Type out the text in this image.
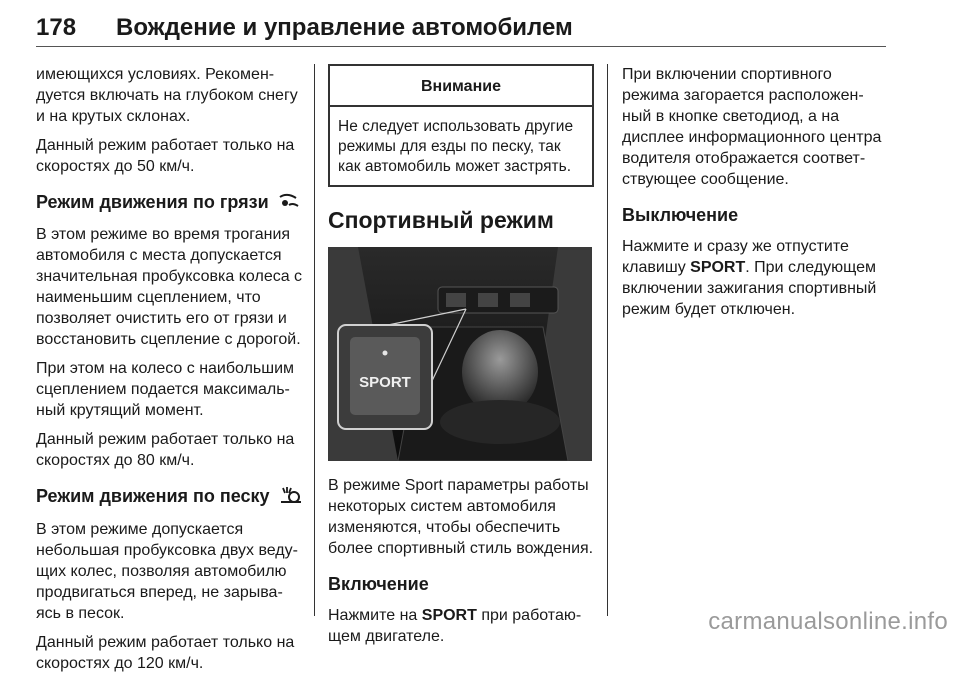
178 Вождение и управление автомобилем

имеющихся условиях. Рекомен-дуется включать на глубоком снегу и на крутых склонах.

Данный режим работает только на скоростях до 50 км/ч.

Режим движения по грязи

В этом режиме во время трогания автомобиля с места допускается значительная пробуксовка колеса с наименьшим сцеплением, что позволяет очистить его от грязи и восстановить сцепление с дорогой.

При этом на колесо с наибольшим сцеплением подается максималь-ный крутящий момент.

Данный режим работает только на скоростях до 80 км/ч.

Режим движения по песку

В этом режиме допускается небольшая пробуксовка двух веду-щих колес, позволяя автомобилю продвигаться вперед, не зарыва-ясь в песок.

Данный режим работает только на скоростях до 120 км/ч.

Внимание
Не следует использовать другие режимы для езды по песку, так как автомобиль может застрять.
Спортивный режим
SPORT

В режиме Sport параметры работы некоторых систем автомобиля изменяются, чтобы обеспечить более спортивный стиль вождения.

Включение

Нажмите на SPORT при работаю-щем двигателе.

При включении спортивного режима загорается расположен-ный в кнопке светодиод, а на дисплее информационного центра водителя отображается соответ-ствующее сообщение.

Выключение

Нажмите и сразу же отпустите клавишу SPORT. При следующем включении зажигания спортивный режим будет отключен.

carmanualsonline.info
